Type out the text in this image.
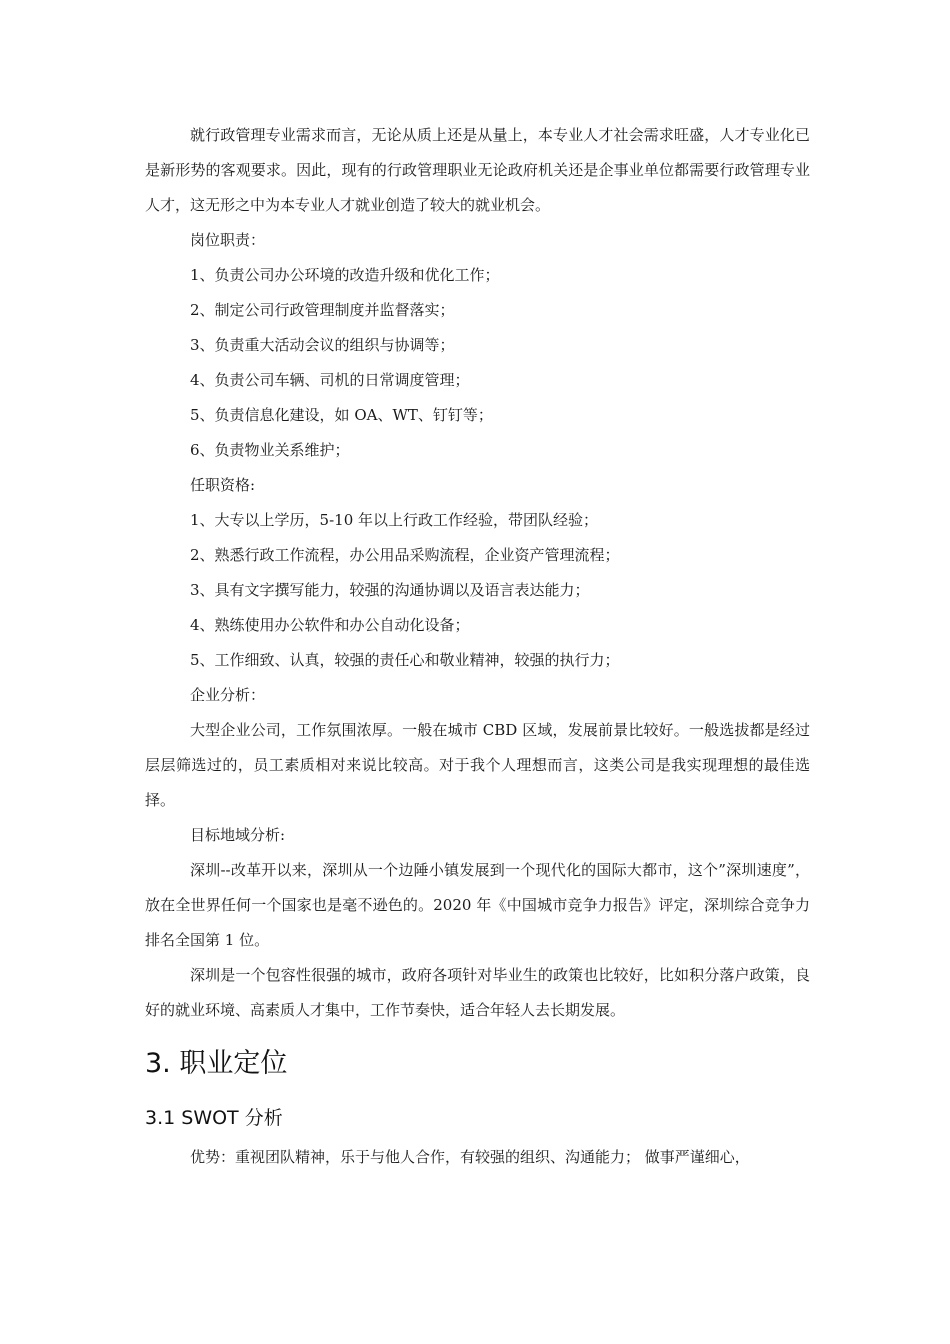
就行政管理专业需求而言，无论从质上还是从量上，本专业人才社会需求旺盛，人才专业化已是新形势的客观要求。因此，现有的行政管理职业无论政府机关还是企事业单位都需要行政管理专业人才，这无形之中为本专业人才就业创造了较大的就业机会。

岗位职责：

1、负责公司办公环境的改造升级和优化工作；

2、制定公司行政管理制度并监督落实；

3、负责重大活动会议的组织与协调等；

4、负责公司车辆、司机的日常调度管理；

5、负责信息化建设，如 OA、WT、钉钉等；

6、负责物业关系维护；

任职资格:

1、大专以上学历，5-10 年以上行政工作经验，带团队经验；

2、熟悉行政工作流程，办公用品采购流程，企业资产管理流程；

3、具有文字撰写能力，较强的沟通协调以及语言表达能力；

4、熟练使用办公软件和办公自动化设备；

5、工作细致、认真，较强的责任心和敬业精神，较强的执行力；

企业分析：

大型企业公司，工作氛围浓厚。一般在城市 CBD 区域，发展前景比较好。一般选拔都是经过层层筛选过的，员工素质相对来说比较高。对于我个人理想而言，这类公司是我实现理想的最佳选择。

目标地域分析:

深圳--改革开以来，深圳从一个边陲小镇发展到一个现代化的国际大都市，这个”深圳速度”，放在全世界任何一个国家也是毫不逊色的。2020 年《中国城市竞争力报告》评定，深圳综合竞争力排名全国第 1 位。

深圳是一个包容性很强的城市，政府各项针对毕业生的政策也比较好，比如积分落户政策，良好的就业环境、高素质人才集中，工作节奏快，适合年轻人去长期发展。

3. 职业定位
3.1 SWOT 分析

优势：重视团队精神，乐于与他人合作，有较强的组织、沟通能力； 做事严谨细心，
